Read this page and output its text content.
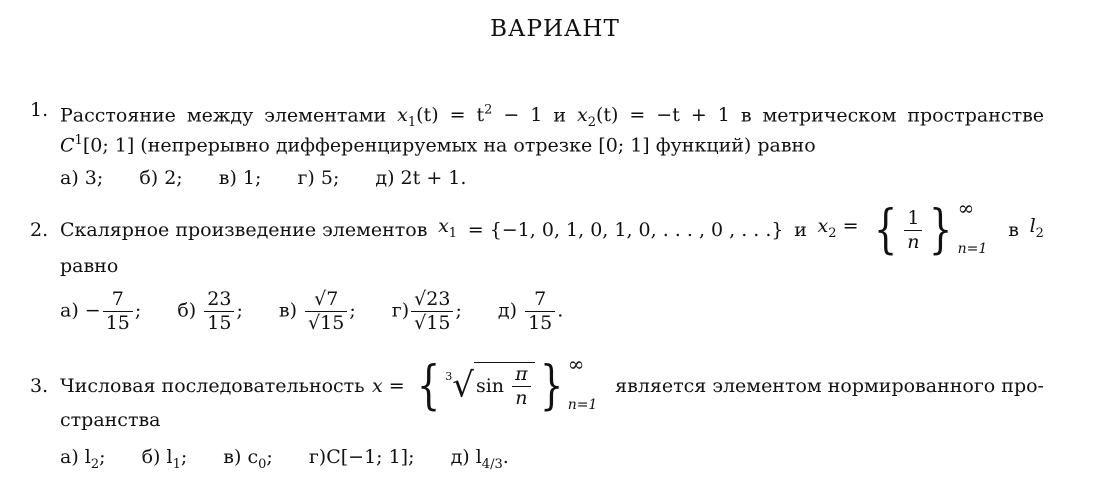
ВАРИАНТ
1. Расстояние между элементами $x_1(t) = t^2 - 1$ и $x_2(t) = -t + 1$ в метрическом пространстве
$C^1[0$; 1] (непрерывно дифференцируемых на отрезке [0; 1] функций) равно
а) 3; б) 2; в) 1; г) 5; д) 2t + 1.
2. Скалярное произведение элементов $x_1 = \{-1$, 0, 1, 0, 1, 0, . . . , 0 , . . .} и $x_2$ = { $\frac{1}{n}$ } ∞
n=1
в $l_2$
равно
$а) - \frac{7}{15}$ ; $б) \frac{23}{15}$ ; $в) \frac{√7}{√15}$ ; $г) \frac{√23}{√15}$ ; $д) \frac{7}{15}$ .
3. Числовая последовательность x = { $^3$√ $\sin \frac{\pi}{n}$ } ∞
n=1
является элементом нормированного про-
странства
а) $l_2$; б) $l_1$; в) $c_0$; г)C[−1; 1]; д) $l_{4/3}$.
